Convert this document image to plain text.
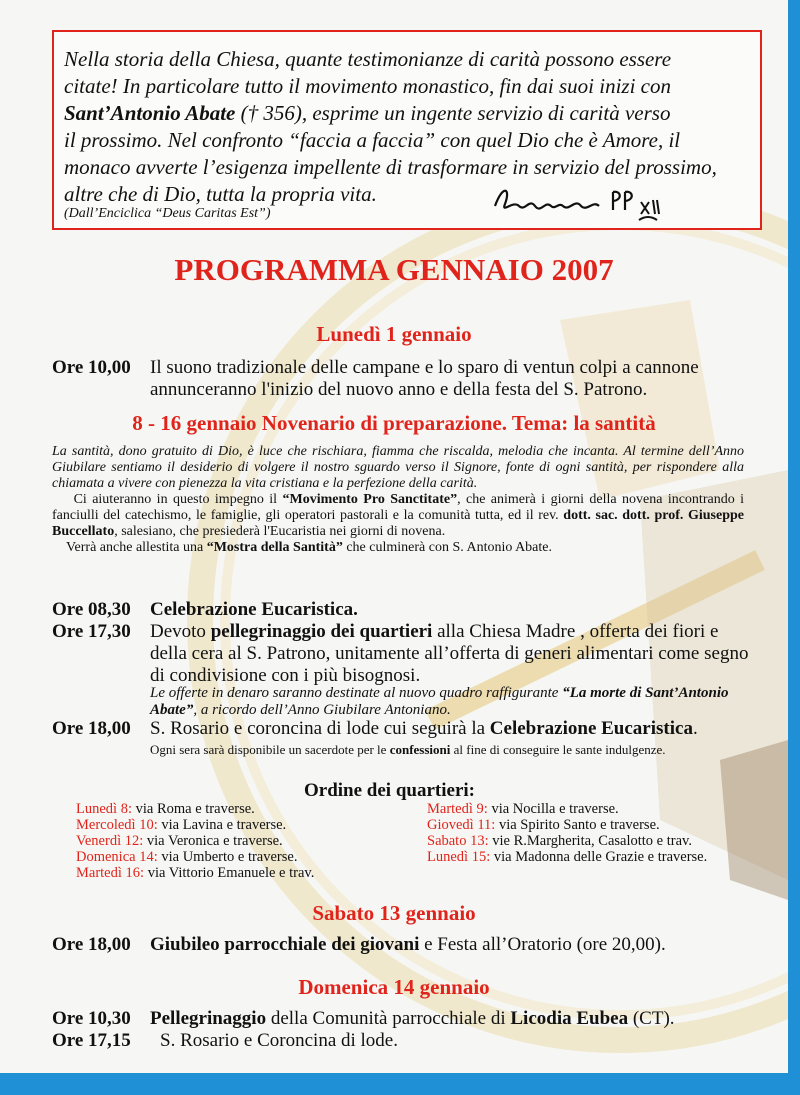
Nella storia della Chiesa, quante testimonianze di carità possono essere
citate! In particolare tutto il movimento monastico, fin dai suoi inizi con
Sant’Antonio Abate († 356), esprime un ingente servizio di carità verso
il prossimo. Nel confronto “faccia a faccia” con quel Dio che è Amore, il
monaco avverte l’esigenza impellente di trasformare in servizio del prossimo,
altre che di Dio, tutta la propria vita.

(Dall’Enciclica “Deus Caritas Est”)
PROGRAMMA GENNAIO 2007
Lunedì 1 gennaio
Ore 10,00 Il suono tradizionale delle campane e lo sparo di ventun colpi a cannone
annunceranno l'inizio del nuovo anno e della festa del S. Patrono.
8 - 16 gennaio Novenario di preparazione. Tema: la santità
La santità, dono gratuito di Dio, è luce che rischiara, fiamma che riscalda, melodia che incanta. Al termine dell’Anno Giubilare sentiamo il desiderio di volgere il nostro sguardo verso il Signore, fonte di ogni santità, per rispondere alla chiamata a vivere con pienezza la vita cristiana e la perfezione della carità.
Ci aiuteranno in questo impegno il “Movimento Pro Sanctitate”, che animerà i giorni della novena incontrando i fanciulli del catechismo, le famiglie, gli operatori pastorali e la comunità tutta, ed il rev. dott. sac. dott. prof. Giuseppe Buccellato, salesiano, che presiederà l'Eucaristia nei giorni di novena.
Verrà anche allestita una “Mostra della Santità” che culminerà con S. Antonio Abate.
Ore 08,30 Celebrazione Eucaristica.
Ore 17,30 Devoto pellegrinaggio dei quartieri alla Chiesa Madre , offerta dei fiori e della cera al S. Patrono, unitamente all’offerta di generi alimentari come segno di condivisione con i più bisognosi.
Le offerte in denaro saranno destinate al nuovo quadro raffigurante “La morte di Sant’Antonio Abate”, a ricordo dell’Anno Giubilare Antoniano.
Ore 18,00 S. Rosario e coroncina di lode cui seguirà la Celebrazione Eucaristica.
Ogni sera sarà disponibile un sacerdote per le confessioni al fine di conseguire le sante indulgenze.
Ordine dei quartieri:
Lunedì 8: via Roma e traverse.
Mercoledì 10: via Lavina e traverse.
Venerdì 12: via Veronica e traverse.
Domenica 14: via Umberto e traverse.
Martedì 16: via Vittorio Emanuele e trav.
Martedì 9: via Nocilla e traverse.
Giovedì 11: via Spirito Santo e traverse.
Sabato 13: vie R.Margherita, Casalotto e trav.
Lunedì 15: via Madonna delle Grazie e traverse.
Sabato 13 gennaio
Ore 18,00 Giubileo parrocchiale dei giovani e Festa all’Oratorio (ore 20,00).
Domenica 14 gennaio
Ore 10,30 Pellegrinaggio della Comunità parrocchiale di Licodia Eubea (CT).
Ore 17,15 S. Rosario e Coroncina di lode.
